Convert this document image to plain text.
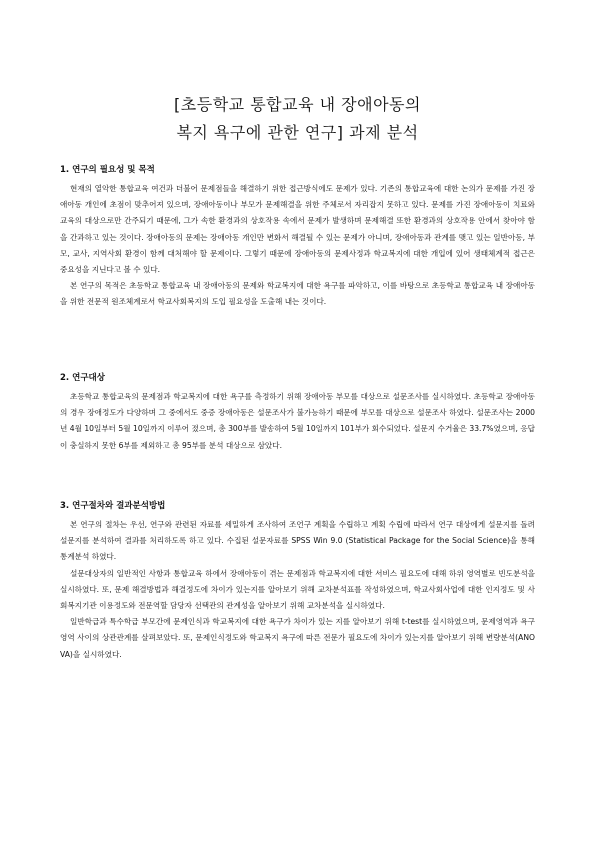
[초등학교 통합교육 내 장애아동의
복지 욕구에 관한 연구] 과제 분석

1. 연구의 필요성 및 목적

현재의 열악한 통합교육 여건과 더불어 문제점들을 해결하기 위한 접근방식에도 문제가 있다. 기존의 통합교육에 대한 논의가 문제를 가진 장애아동 개인에 초점이 맞추어져 있으며, 장애아동이나 부모가 문제해결을 위한 주체로서 자리잡지 못하고 있다. 문제를 가진 장애아동이 치료와 교육의 대상으로만 간주되기 때문에, 그가 속한 환경과의 상호작용 속에서 문제가 발생하며 문제해결 또한 환경과의 상호작용 안에서 찾아야 함을 간과하고 있는 것이다. 장애아동의 문제는 장애아동 개인만 변화서 해결될 수 있는 문제가 아니며, 장애아동과 관계를 맺고 있는 일반아동, 부모, 교사, 지역사회 환경이 함께 대처해야 할 문제이다. 그렇기 때문에 장애아동의 문제사정과 학교복지에 대한 개입에 있어 생태체계적 접근은 중요성을 지닌다고 볼 수 있다.

본 연구의 목적은 초등학교 통합교육 내 장애아동의 문제와 학교복지에 대한 욕구를 파악하고, 이를 바탕으로 초등학교 통합교육 내 장애아동을 위한 전문적 원조체계로서 학교사회복지의 도입 필요성을 도출해 내는 것이다.

2. 연구대상

초등학교 통합교육의 문제점과 학교복지에 대한 욕구를 측정하기 위해 장애아동 부모를 대상으로 설문조사를 실시하였다. 초등학교 장애아동의 경우 장애정도가 다양하며 그 중에서도 중증 장애아동은 설문조사가 불가능하기 때문에 부모를 대상으로 설문조사 하였다. 설문조사는 2000년 4월 10일부터 5월 10일까지 이루어 졌으며, 총 300부를 발송하여 5월 10일까지 101부가 회수되었다. 설문지 수거율은 33.7%였으며, 응답이 충실하지 못한 6부를 제외하고 총 95부를 분석 대상으로 삼았다.

3. 연구절차와 결과분석방법

본 연구의 절차는 우선, 연구와 관련된 자료를 세밀하게 조사하여 조언구 계획을 수립하고 계획 수립에 따라서 연구 대상에게 설문지를 돌려 설문지를 분석하여 결과를 처리하도록 하고 있다. 수집된 설문자료를 SPSS Win 9.0 (Statistical Package for the Social Science)을 통해 통계분석 하였다.

설문대상자의 일반적인 사항과 통합교육 하에서 장애아동이 겪는 문제점과 학교복지에 대한 서비스 필요도에 대해 하위 영역별로 빈도분석을 실시하였다. 또, 문제 해결방법과 해결정도에 차이가 있는지를 알아보기 위해 교차분석표를 작성하였으며, 학교사회사업에 대한 인지정도 및 사회복지기관 이용정도와 전문역할 담당자 선택관의 관계성을 알아보기 위해 교차분석을 실시하였다.

일반학급과 특수학급 부모간에 문제인식과 학교복지에 대한 욕구가 차이가 있는 지를 알아보기 위해 t-test를 실시하였으며, 문제영역과 욕구영역 사이의 상관관계를 살펴보았다. 또, 문제인식정도와 학교복지 욕구에 따른 전문가 필요도에 차이가 있는지를 알아보기 위해 변량분석(ANOVA)을 실시하였다.
